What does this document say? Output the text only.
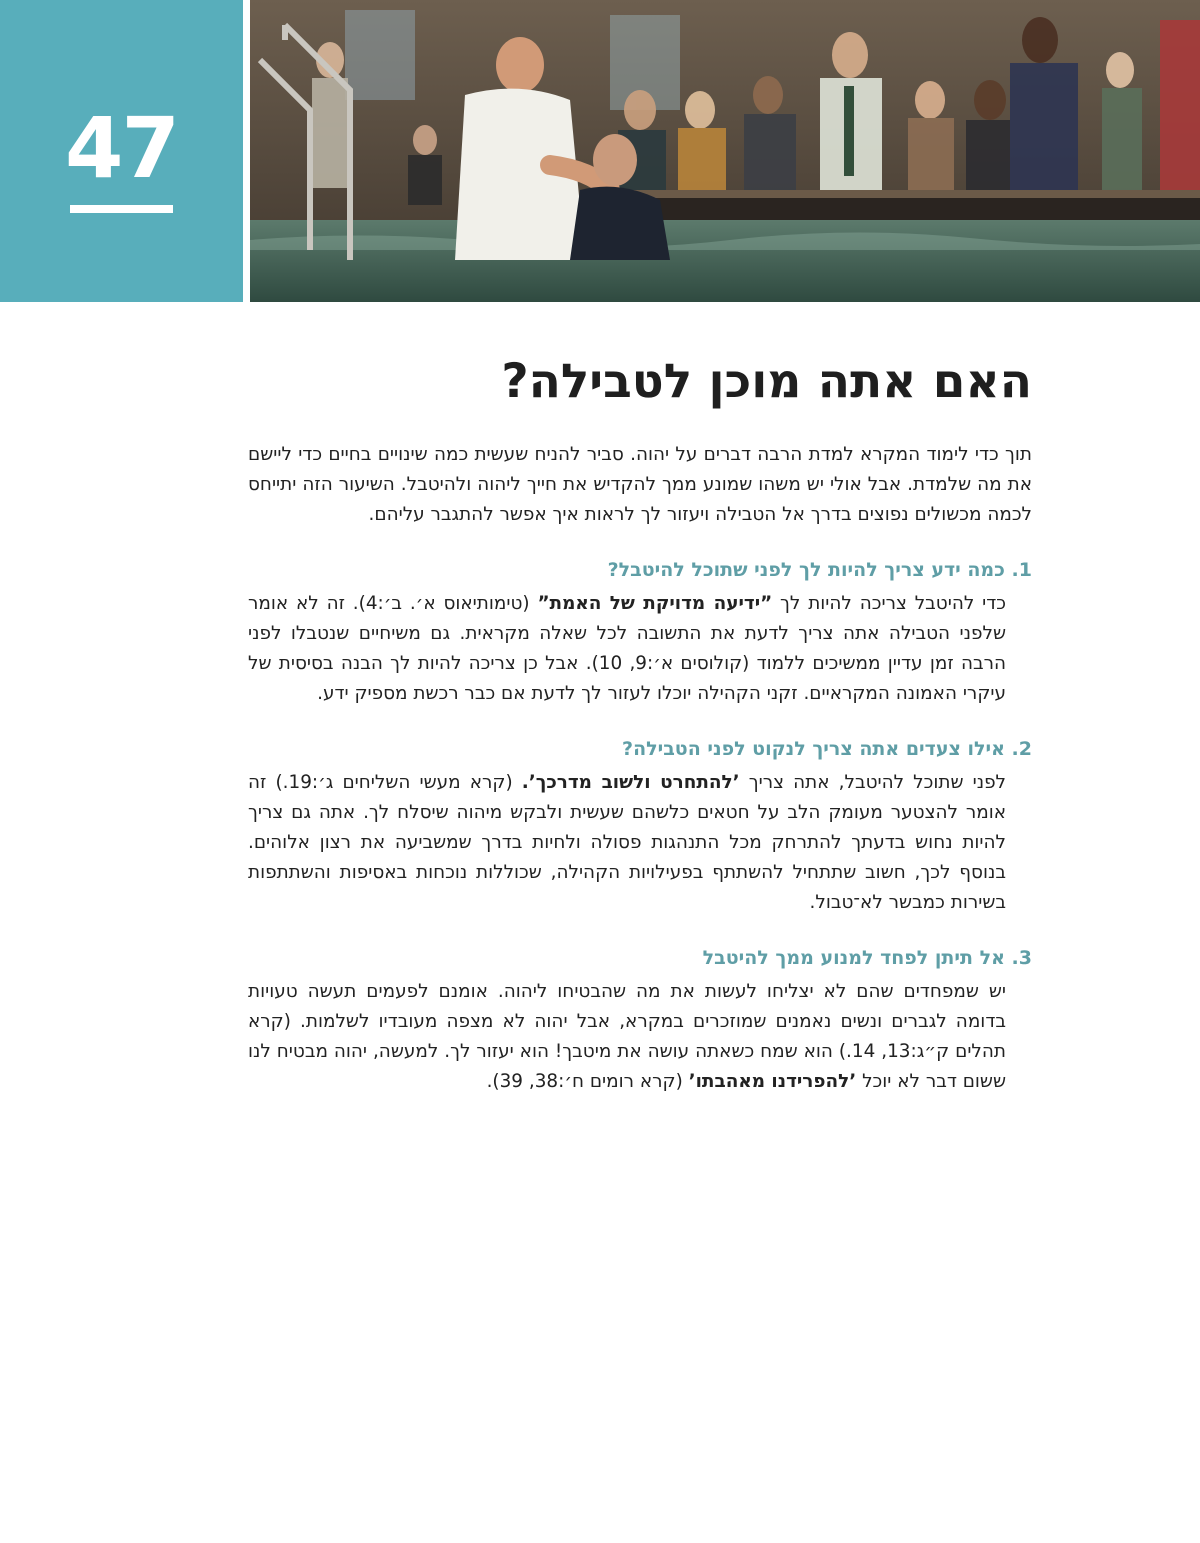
47
האם אתה מוכן לטבילה?

תוך כדי לימוד המקרא למדת הרבה דברים על יהוה. סביר להניח שעשית כמה שינויים בחיים כדי ליישם את מה שלמדת. אבל אולי יש משהו שמונע ממך להקדיש את חייך ליהוה ולהיטבל. השיעור הזה יתייחס לכמה מכשולים נפוצים בדרך אל הטבילה ויעזור לך לראות איך אפשר להתגבר עליהם.

1. כמה ידע צריך להיות לך לפני שתוכל להיטבל?

כדי להיטבל צריכה להיות לך ”ידיעה מדויקת של האמת” (טימותיאוס א׳. ב׳:4). זה לא אומר שלפני הטבילה אתה צריך לדעת את התשובה לכל שאלה מקראית. גם משיחיים שנטבלו לפני הרבה זמן עדיין ממשיכים ללמוד (קולוסים א׳:9, 10). אבל כן צריכה להיות לך הבנה בסיסית של עיקרי האמונה המקראיים. זקני הקהילה יוכלו לעזור לך לדעת אם כבר רכשת מספיק ידע.

2. אילו צעדים אתה צריך לנקוט לפני הטבילה?

לפני שתוכל להיטבל, אתה צריך ’להתחרט ולשוב מדרכך’. (קרא מעשי השליחים ג׳:19.) זה אומר להצטער מעומק הלב על חטאים כלשהם שעשית ולבקש מיהוה שיסלח לך. אתה גם צריך להיות נחוש בדעתך להתרחק מכל התנהגות פסולה ולחיות בדרך שמשביעה את רצון אלוהים. בנוסף לכך, חשוב שתתחיל להשתתף בפעילויות הקהילה, שכוללות נוכחות באסיפות והשתתפות בשירות כמבשר לא־טבול.

3. אל תיתן לפחד למנוע ממך להיטבל

יש שמפחדים שהם לא יצליחו לעשות את מה שהבטיחו ליהוה. אומנם לפעמים תעשה טעויות בדומה לגברים ונשים נאמנים שמוזכרים במקרא, אבל יהוה לא מצפה מעובדיו לשלמות. (קרא תהלים ק״ג:13, 14.) הוא שמח כשאתה עושה את מיטבך! הוא יעזור לך. למעשה, יהוה מבטיח לנו ששום דבר לא יוכל ’להפרידנו מאהבתו’ (קרא רומים ח׳:38, 39).
